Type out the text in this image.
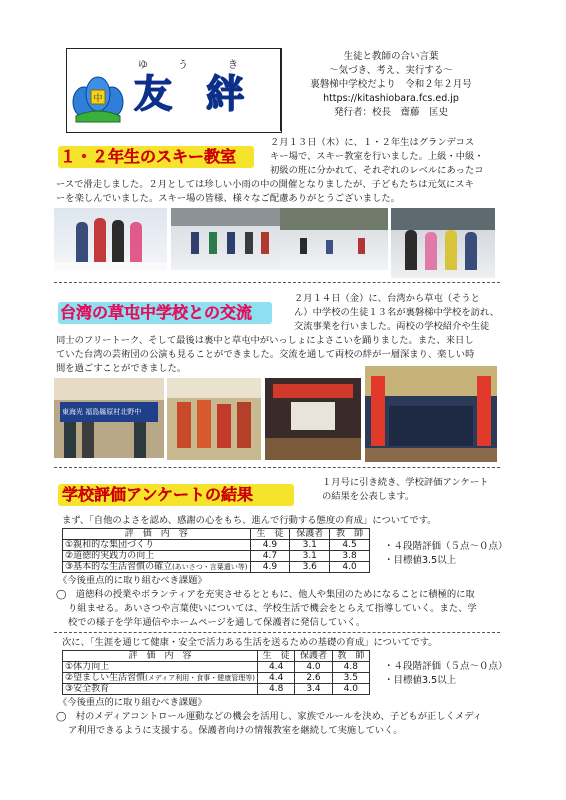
中
ゆ	う	き
友 絆
生徒と教師の合い言葉
～気づき、考え、実行する～
裏磐梯中学校だより　令和２年２月号
https://kitashiobara.fcs.ed.jp
発行者：校長　齋藤　匡史
１・２年生のスキー教室
２月１３日（木）に、１・２年生はグランデコス
キー場で、スキー教室を行いました。上級・中級・
初級の班に分かれて、それぞれのレベルにあったコ
ースで滑走しました。２月としては珍しい小雨の中の開催となりましたが、子どもたちは元気にスキ
ーを楽しんでいました。スキー場の皆様、様々なご配慮ありがとうございました。
台湾の草屯中学校との交流
２月１４日（金）に、台湾から草屯（そうと
ん）中学校の生徒１３名が裏磐梯中学校を訪れ、
交流事業を行いました。両校の学校紹介や生徒
同士のフリートーク、そして最後は裏中と草屯中がいっしょによさこいを踊りました。また、来日し
ていた台湾の芸術団の公演も見ることができました。交流を通して両校の絆が一層深まり、楽しい時
間を過ごすことができました。
東海光 福島縣原村北野中
学校評価アンケートの結果
１月号に引き続き、学校評価アンケート
の結果を公表します。
まず、「自他のよさを認め、感謝の心をもち、進んで行動する態度の育成」についてです。
評　価　内　容	生　徒	保護者	教　師
①親和的な集団づくり	4.9	3.1	4.5
②道徳的実践力の向上	4.7	3.1	3.8
③基本的な生活習慣の確立(あいさつ・言葉遣い等)	4.9	3.6	4.0
・４段階評価（５点～０点）
・目標値3.5以上
《今後重点的に取り組むべき課題》
◯　道徳科の授業やボランティアを充実させるとともに、他人や集団のためになることに積極的に取
り組ませる。あいさつや言葉使いについては、学校生活で機会をとらえて指導していく。また、学
校での様子を学年通信やホームページを通して保護者に発信していく。
次に、「生涯を通じて健康・安全で活力ある生活を送るための基礎の育成」についてです。
評　価　内　容	生　徒	保護者	教　師
①体力向上	4.4	4.0	4.8
②望ましい生活習慣(メディア利用・食事・健康管理等)	4.4	2.6	3.5
③安全教育	4.8	3.4	4.0
・４段階評価（５点～０点）
・目標値3.5以上
《今後重点的に取り組むべき課題》
◯　村のメディアコントロール運動などの機会を活用し、家族でルールを決め、子どもが正しくメディ
ア利用できるように支援する。保護者向けの情報教室を継続して実施していく。
